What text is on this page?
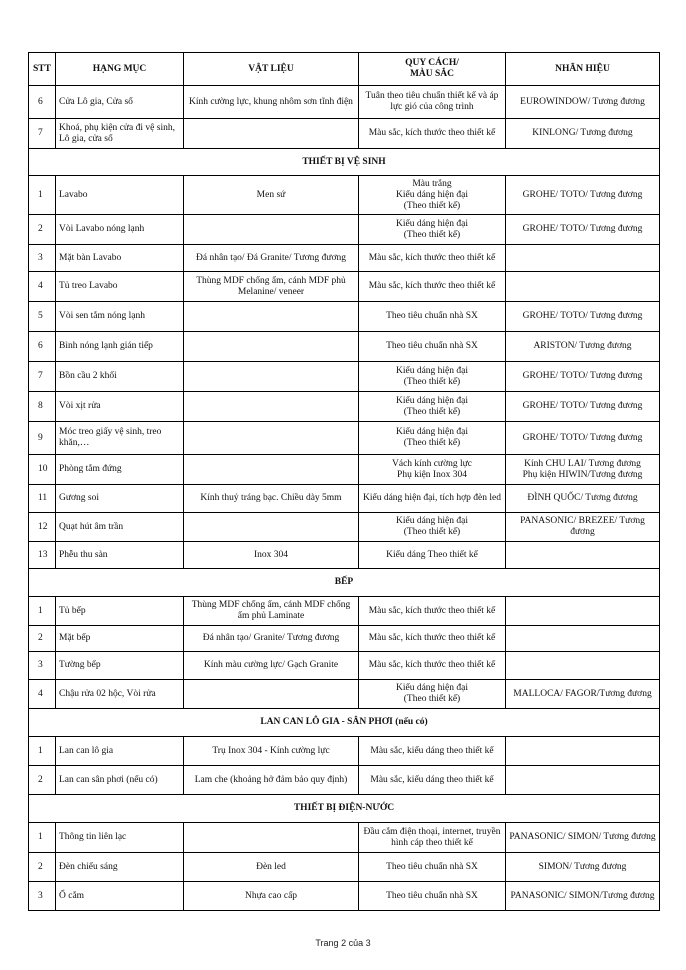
STT	HẠNG MỤC	VẬT LIỆU	QUY CÁCH/
MÀU SẮC	NHÃN HIỆU
6	Cửa Lô gia, Cửa sổ	Kính cường lực, khung nhôm sơn tĩnh điện	Tuân theo tiêu chuẩn thiết kế và áp lực gió của công trình	EUROWINDOW/ Tương đương
7	Khoá, phụ kiện cửa đi vệ sinh, Lô gia, cửa sổ		Màu sắc, kích thước theo thiết kế	KINLONG/ Tương đương
THIẾT BỊ VỆ SINH				
1	Lavabo	Men sứ	Màu trắng
Kiểu dáng hiện đại
(Theo thiết kế)	GROHE/ TOTO/ Tương đương
2	Vòi Lavabo nóng lạnh		Kiểu dáng hiện đại
(Theo thiết kế)	GROHE/ TOTO/ Tương đương
3	Mặt bàn Lavabo	Đá nhân tạo/ Đá Granite/ Tương đương	Màu sắc, kích thước theo thiết kế	
4	Tủ treo Lavabo	Thùng MDF chống ẩm, cánh MDF phủ Melanine/ veneer	Màu sắc, kích thước theo thiết kế	
5	Vòi sen tắm nóng lạnh		Theo tiêu chuẩn nhà SX	GROHE/ TOTO/ Tương đương
6	Bình nóng lạnh gián tiếp		Theo tiêu chuẩn nhà SX	ARISTON/ Tương đương
7	Bồn cầu 2 khối		Kiểu dáng hiện đại
(Theo thiết kế)	GROHE/ TOTO/ Tương đương
8	Vòi xịt rửa		Kiểu dáng hiện đại
(Theo thiết kế)	GROHE/ TOTO/ Tương đương
9	Móc treo giấy vệ sinh, treo khăn,…		Kiểu dáng hiện đại
(Theo thiết kế)	GROHE/ TOTO/ Tương đương
10	Phòng tắm đứng		Vách kính cường lực
Phụ kiện Inox 304	Kính CHU LAI/ Tương đương
Phụ kiện HIWIN/Tương đương
11	Gương soi	Kính thuỷ tráng bạc. Chiều dày 5mm	Kiểu dáng hiện đại, tích hợp đèn led	ĐÌNH QUỐC/ Tương đương
12	Quạt hút âm trần		Kiểu dáng hiện đại
(Theo thiết kế)	PANASONIC/ BREZEE/ Tương đương
13	Phễu thu sàn	Inox 304	Kiểu dáng Theo thiết kế	
BẾP				
1	Tủ bếp	Thùng MDF chống ẩm, cánh MDF chống ẩm phủ Laminate	Màu sắc, kích thước theo thiết kế	
2	Mặt bếp	Đá nhân tạo/ Granite/ Tương đương	Màu sắc, kích thước theo thiết kế	
3	Tường bếp	Kính màu cường lực/ Gạch Granite	Màu sắc, kích thước theo thiết kế	
4	Chậu rửa 02 hộc, Vòi rửa		Kiểu dáng hiện đại
(Theo thiết kế)	MALLOCA/ FAGOR/Tương đương
LAN CAN LÔ GIA - SÂN PHƠI (nếu có)				
1	Lan can lô gia	Trụ Inox 304 - Kính cường lực	Màu sắc, kiểu dáng theo thiết kế	
2	Lan can sân phơi (nếu có)	Lam che (khoảng hở đảm bảo quy định)	Màu sắc, kiểu dáng theo thiết kế	
THIẾT BỊ ĐIỆN-NƯỚC				
1	Thông tin liên lạc		Đầu cắm điện thoại, internet, truyền hình cáp theo thiết kế	PANASONIC/ SIMON/ Tương đương
2	Đèn chiếu sáng	Đèn led	Theo tiêu chuẩn nhà SX	SIMON/ Tương đương
3	Ổ cắm	Nhựa cao cấp	Theo tiêu chuẩn nhà SX	PANASONIC/ SIMON/Tương đương
Trang 2 của 3
